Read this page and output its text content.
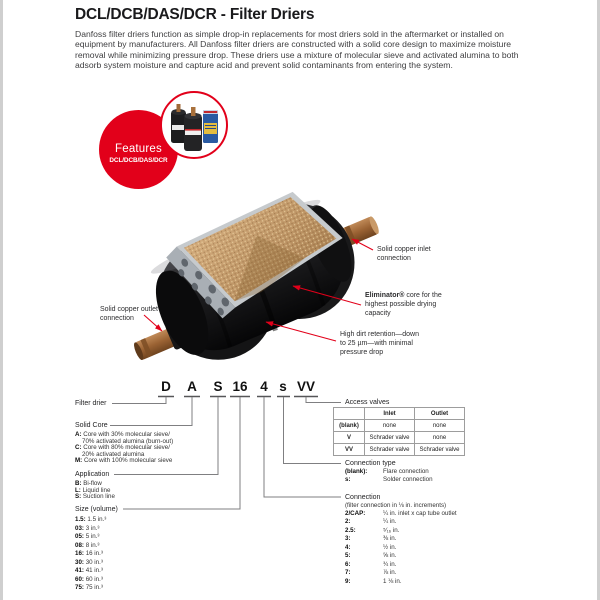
DCL/DCB/DAS/DCR - Filter Driers
Danfoss filter driers function as simple drop-in replacements for most driers sold in the aftermarket or installed on equipment by manufacturers. All Danfoss filter driers are constructed with a solid core design to maximize moisture removal while minimizing pressure drop. These driers use a mixture of molecular sieve and activated alumina to both adsorb system moisture and capture acid and prevent solid contaminants from entering the system.
Features
DCL/DCB/DAS/DCR
Solid copper inlet
connection
Eliminator® core for the
highest possible drying
capacity
High dirt retention—down
to 25 µm—with minimal
pressure drop
Solid copper outlet
connection
D A S 16 4 s VV
Filter drier
Solid Core
A: Core with 30% molecular sieve/
70% activated alumina (burn-out)
C: Core with 80% molecular sieve/
20% activated alumina
M: Core with 100% molecular sieve
Application
B: Bi-flow
L: Liquid line
S: Suction line
Size (volume)
1.5: 1.5 in.³
03: 3 in.³
05: 5 in.³
08: 8 in.³
16: 16 in.³
30: 30 in.³
41: 41 in.³
60: 60 in.³
75: 75 in.³
Access valves
	Inlet	Outlet
(blank)	none	none
V	Schrader valve	none
VV	Schrader valve	Schrader valve
Connection type
(blank):	Flare connection
s:	Solder connection
Connection
(filter connection in ⅛ in. increments)
2/CAP:	¼ in. inlet x cap tube outlet
2:	¼ in.
2.5:	⁵⁄₁₆ in.
3:	⅜ in.
4:	½ in.
5:	⅝ in.
6:	¾ in.
7:	⅞ in.
9:	1 ⅛ in.
